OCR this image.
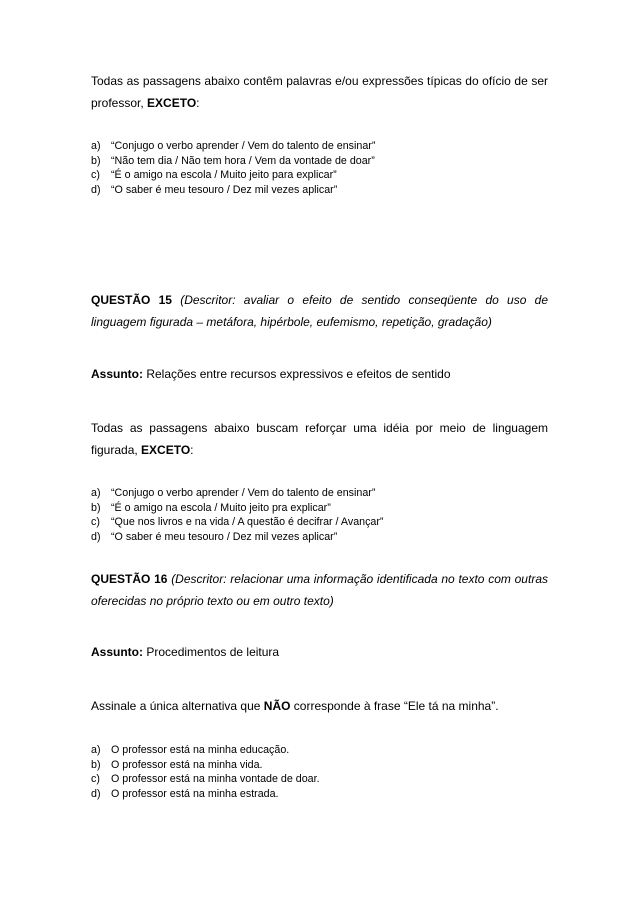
Todas as passagens abaixo contêm palavras e/ou expressões típicas do ofício de ser professor, EXCETO:
a) “Conjugo o verbo aprender / Vem do talento de ensinar”
b) “Não tem dia / Não tem hora / Vem da vontade de doar”
c)	“É o amigo na escola / Muito jeito para explicar”
d) “O saber é meu tesouro / Dez mil vezes aplicar”
QUESTÃO 15 (Descritor: avaliar o efeito de sentido conseqüente do uso de linguagem figurada – metáfora, hipérbole, eufemismo, repetição, gradação)
Assunto: Relações entre recursos expressivos e efeitos de sentido
Todas as passagens abaixo buscam reforçar uma idéia por meio de linguagem figurada, EXCETO:
a) “Conjugo o verbo aprender / Vem do talento de ensinar”
b) “É o amigo na escola / Muito jeito pra explicar”
c)	“Que nos livros e na vida / A questão é decifrar / Avançar”
d) “O saber é meu tesouro / Dez mil vezes aplicar”
QUESTÃO 16 (Descritor: relacionar uma informação identificada no texto com outras oferecidas no próprio texto ou em outro texto)
Assunto: Procedimentos de leitura
Assinale a única alternativa que NÃO corresponde à frase “Ele tá na minha”.
a) O professor está na minha educação.
b) O professor está na minha vida.
c)	O professor está na minha vontade de doar.
d) O professor está na minha estrada.
